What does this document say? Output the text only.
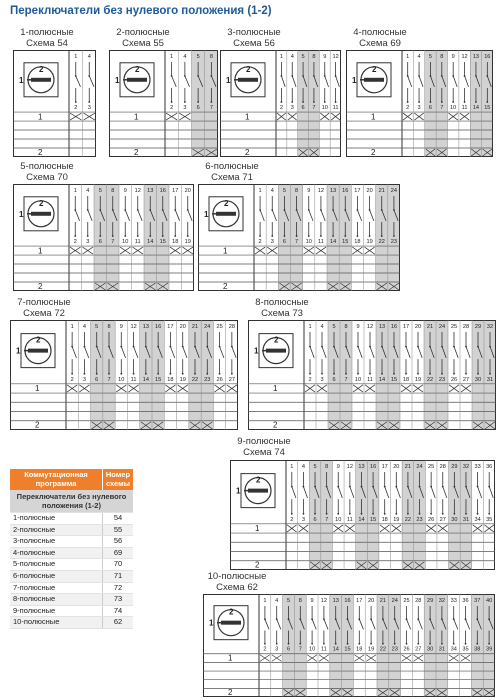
Переключатели без нулевого положения (1-2)
1-полюсные
Схема 54
1
2
1
2
1
2
4
3
2-полюсные
Схема 55
1
2
1
2
1
2
4
3
5
6
8
7
3-полюсные
Схема 56
1
2
1
2
1
2
4
3
5
6
8
7
9
10
12
11
4-полюсные
Схема 69
1
2
1
2
1
2
4
3
5
6
8
7
9
10
12
11
13
14
16
15
5-полюсные
Схема 70
1
2
1
2
1
2
4
3
5
6
8
7
9
10
12
11
13
14
16
15
17
18
20
19
6-полюсные
Схема 71
1
2
1
2
1
2
4
3
5
6
8
7
9
10
12
11
13
14
16
15
17
18
20
19
21
22
24
23
7-полюсные
Схема 72
1
2
1
2
1
2
4
3
5
6
8
7
9
10
12
11
13
14
16
15
17
18
20
19
21
22
24
23
25
26
28
27
8-полюсные
Схема 73
1
2
1
2
1
2
4
3
5
6
8
7
9
10
12
11
13
14
16
15
17
18
20
19
21
22
24
23
25
26
28
27
29
30
32
31
9-полюсные
Схема 74
1
2
1
2
1
2
4
3
5
6
8
7
9
10
12
11
13
14
16
15
17
18
20
19
21
22
24
23
25
26
28
27
29
30
32
31
33
34
36
35
10-полюсные
Схема 62
1
2
1
2
1
2
4
3
5
6
8
7
9
10
12
11
13
14
16
15
17
18
20
19
21
22
24
23
25
26
28
27
29
30
32
31
33
34
36
35
37
38
40
39
Коммутационная программа	Номер схемы
Переключатели без нулевого положения (1-2)	
1-полюсные	54
2-полюсные	55
3-полюсные	56
4-полюсные	69
5-полюсные	70
6-полюсные	71
7-полюсные	72
8-полюсные	73
9-полюсные	74
10-полюсные	62
